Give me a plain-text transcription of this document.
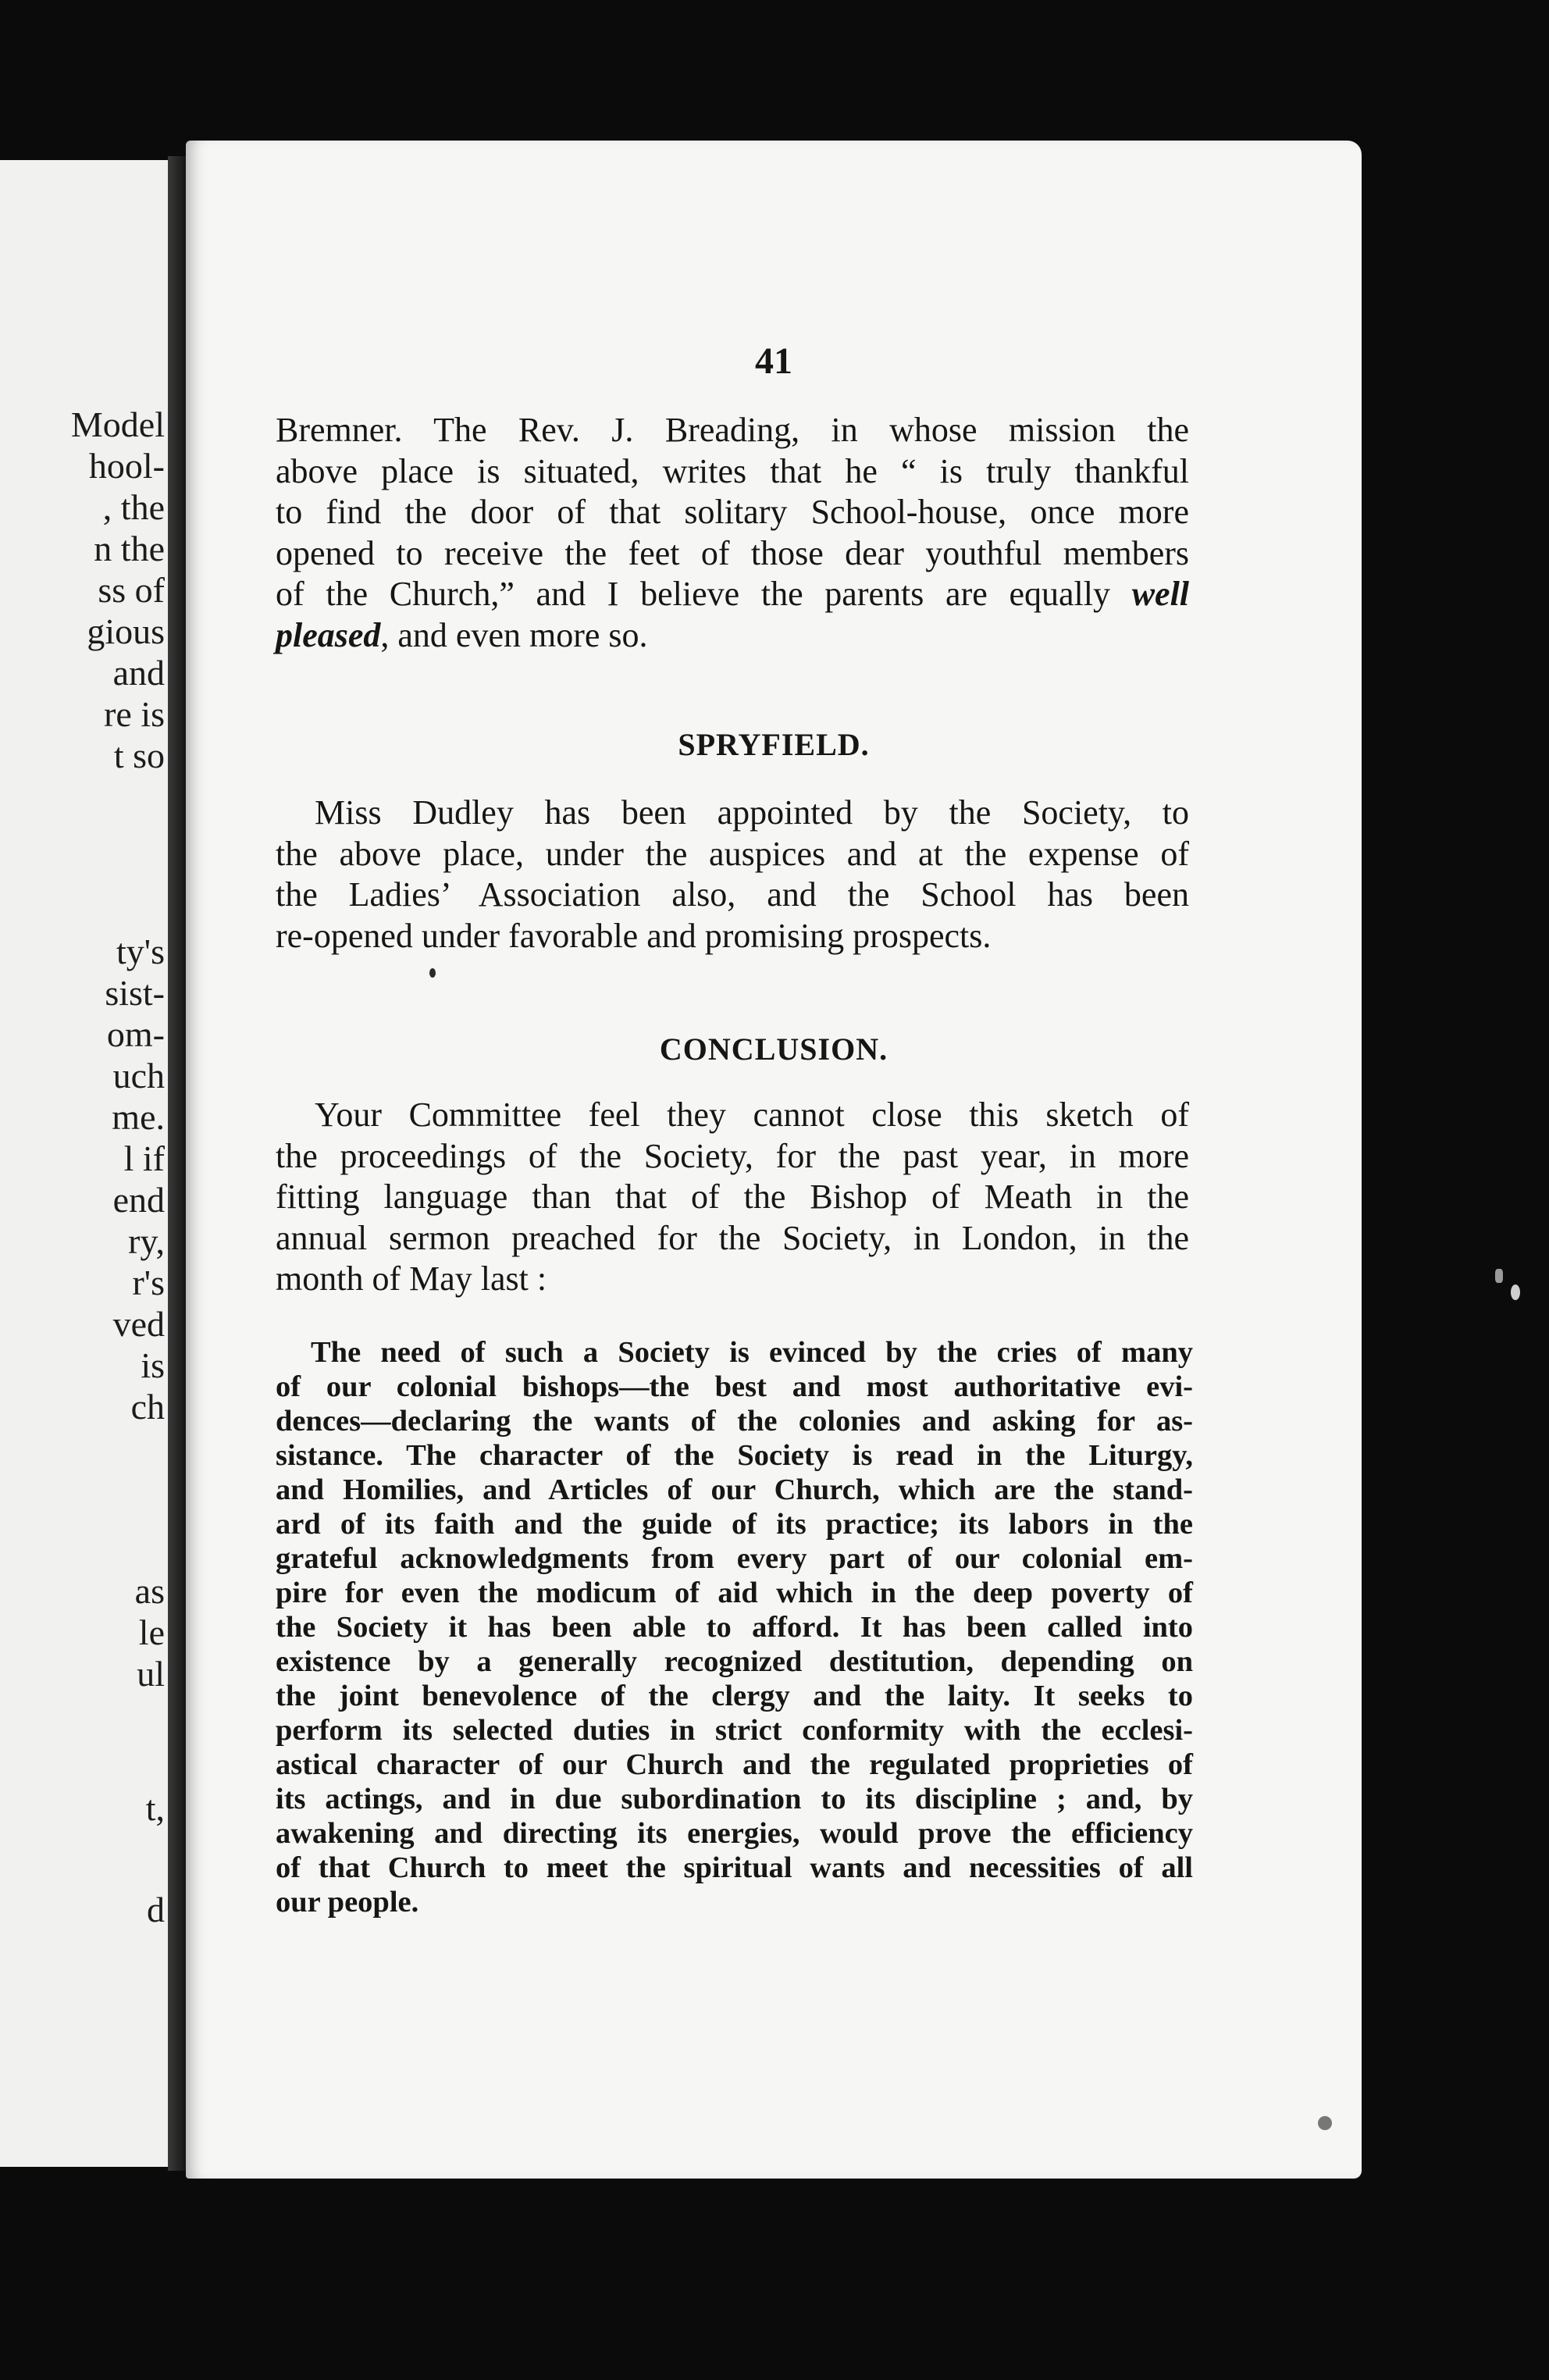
Model
hool-
, the
n the
ss of
gious
and
re is
t so
ty's
sist-
om-
uch
me.
l if
end
ry,
r's
ved
is
ch
as
le
ul
t,
d
41
Bremner. The Rev. J. Breading, in whose mission the
above place is situated, writes that he “ is truly thankful
to find the door of that solitary School-house, once more
opened to receive the feet of those dear youthful members
of the Church,” and I believe the parents are equally well
pleased, and even more so.
SPRYFIELD.
Miss Dudley has been appointed by the Society, to
the above place, under the auspices and at the expense of
the Ladies’ Association also, and the School has been
re-opened under favorable and promising prospects.
CONCLUSION.
Your Committee feel they cannot close this sketch of
the proceedings of the Society, for the past year, in more
fitting language than that of the Bishop of Meath in the
annual sermon preached for the Society, in London, in the
month of May last :
The need of such a Society is evinced by the cries of many
of our colonial bishops—the best and most authoritative evi-
dences—declaring the wants of the colonies and asking for as-
sistance. The character of the Society is read in the Liturgy,
and Homilies, and Articles of our Church, which are the stand-
ard of its faith and the guide of its practice; its labors in the
grateful acknowledgments from every part of our colonial em-
pire for even the modicum of aid which in the deep poverty of
the Society it has been able to afford. It has been called into
existence by a generally recognized destitution, depending on
the joint benevolence of the clergy and the laity. It seeks to
perform its selected duties in strict conformity with the ecclesi-
astical character of our Church and the regulated proprieties of
its actings, and in due subordination to its discipline ; and, by
awakening and directing its energies, would prove the efficiency
of that Church to meet the spiritual wants and necessities of all
our people.
